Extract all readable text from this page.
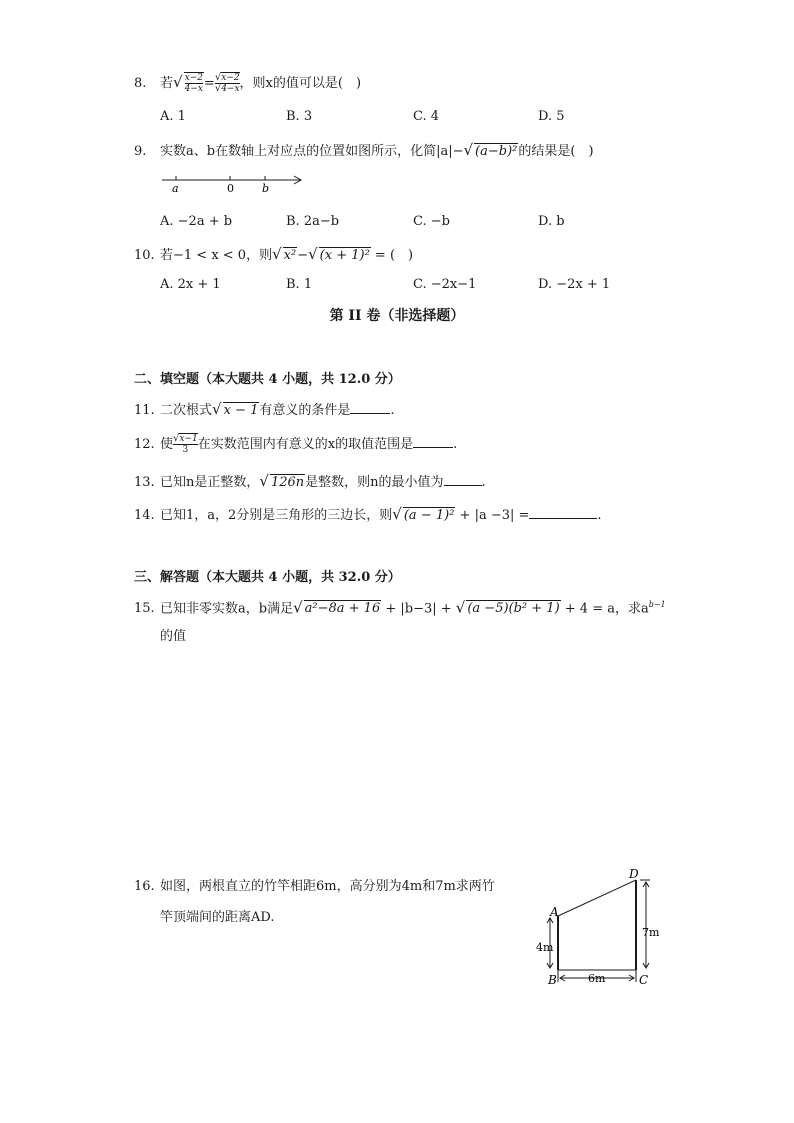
8. 若√ $\frac{x-2}{4-x} = \frac{√x-2}{√4-x}$ ，则x的值可以是(　)
A. 1	B. 3	C. 4	D. 5
9. 实数a、b在数轴上对应点的位置如图所示，化简|a|−√ (a−b)²的结果是(　)
a	0	b
A. −2a + b	B. 2a−b	C. −b	D. b
10. 若−1 < x < 0，则√ x²−√ (x + 1)² = (　)
A. 2x + 1	B. 1	C. −2x−1	D. −2x + 1
第 II 卷（非选择题）
二、填空题（本大题共 4 小题，共 12.0 分）
11. 二次根式√ x − 1有意义的条件是	.
12. 使 $\frac{√x-1}{3}$ 在实数范围内有意义的x的取值范围是	.
13. 已知n是正整数，√ 126n是整数，则n的最小值为	.
14. 已知1，a，2分别是三角形的三边长，则√ (a − 1)² + |a −3| =	.
三、解答题（本大题共 4 小题，共 32.0 分）
15. 已知非零实数a，b满足√ a²−8a + 16 + |b−3| + √ (a −5)(b² + 1) + 4 = a，求$a^{b-1}$
的值
16. 如图，两根直立的竹竿相距6m，高分别为4m和7m求两竹
竿顶端间的距离AD.	A
B	C
D
4m
7m
6m
